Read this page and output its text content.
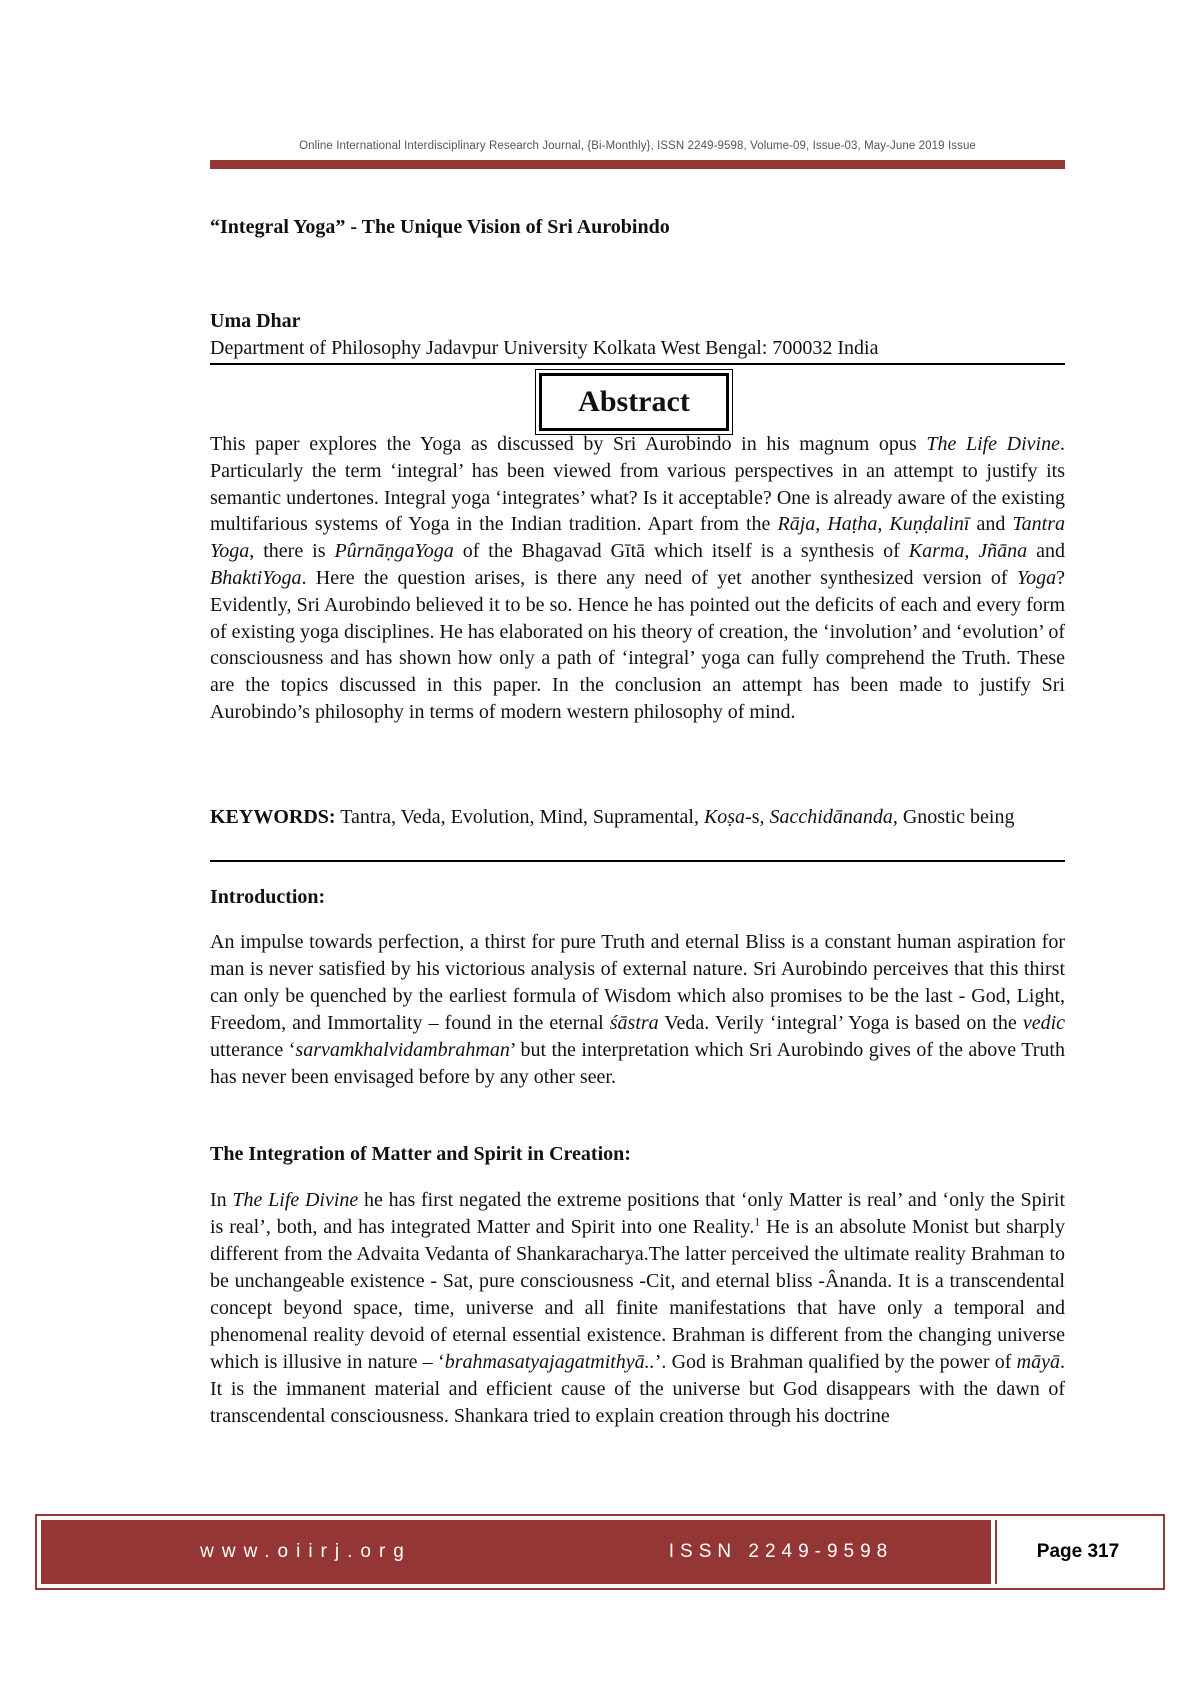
Online International Interdisciplinary Research Journal, {Bi-Monthly}, ISSN 2249-9598, Volume-09, Issue-03, May-June 2019 Issue
“Integral Yoga” - The Unique Vision of Sri Aurobindo
Uma Dhar
Department of Philosophy Jadavpur University Kolkata West Bengal: 700032 India
This paper explores the Yoga as discussed by Sri Aurobindo in his magnum opus The Life Divine. Particularly the term ‘integral’ has been viewed from various perspectives in an attempt to justify its semantic undertones. Integral yoga ‘integrates’ what? Is it acceptable? One is already aware of the existing multifarious systems of Yoga in the Indian tradition. Apart from the Rāja, Haṭha, Kuṇḍalinī and Tantra Yoga, there is PûrnāṇgaYoga of the Bhagavad Gītā which itself is a synthesis of Karma, Jñāna and BhaktiYoga. Here the question arises, is there any need of yet another synthesized version of Yoga? Evidently, Sri Aurobindo believed it to be so. Hence he has pointed out the deficits of each and every form of existing yoga disciplines. He has elaborated on his theory of creation, the ‘involution’ and ‘evolution’ of consciousness and has shown how only a path of ‘integral’ yoga can fully comprehend the Truth. These are the topics discussed in this paper. In the conclusion an attempt has been made to justify Sri Aurobindo’s philosophy in terms of modern western philosophy of mind.
Abstract
KEYWORDS: Tantra, Veda, Evolution, Mind, Supramental, Koṣa-s, Sacchidānanda, Gnostic being
Introduction:
An impulse towards perfection, a thirst for pure Truth and eternal Bliss is a constant human aspiration for man is never satisfied by his victorious analysis of external nature. Sri Aurobindo perceives that this thirst can only be quenched by the earliest formula of Wisdom which also promises to be the last - God, Light, Freedom, and Immortality – found in the eternal śāstra Veda. Verily ‘integral’ Yoga is based on the vedic utterance ‘sarvamkhalvidambrahman’ but the interpretation which Sri Aurobindo gives of the above Truth has never been envisaged before by any other seer.
The Integration of Matter and Spirit in Creation:
In The Life Divine he has first negated the extreme positions that ‘only Matter is real’ and ‘only the Spirit is real’, both, and has integrated Matter and Spirit into one Reality.$^1$ He is an absolute Monist but sharply different from the Advaita Vedanta of Shankaracharya.The latter perceived the ultimate reality Brahman to be unchangeable existence - Sat, pure consciousness -Cit, and eternal bliss -Ânanda. It is a transcendental concept beyond space, time, universe and all finite manifestations that have only a temporal and phenomenal reality devoid of eternal essential existence. Brahman is different from the changing universe which is illusive in nature – ‘brahmasatyajagatmithyā..’. God is Brahman qualified by the power of māyā. It is the immanent material and efficient cause of the universe but God disappears with the dawn of transcendental consciousness. Shankara tried to explain creation through his doctrine
www.oiirj.org	ISSN 2249-9598	Page 317
